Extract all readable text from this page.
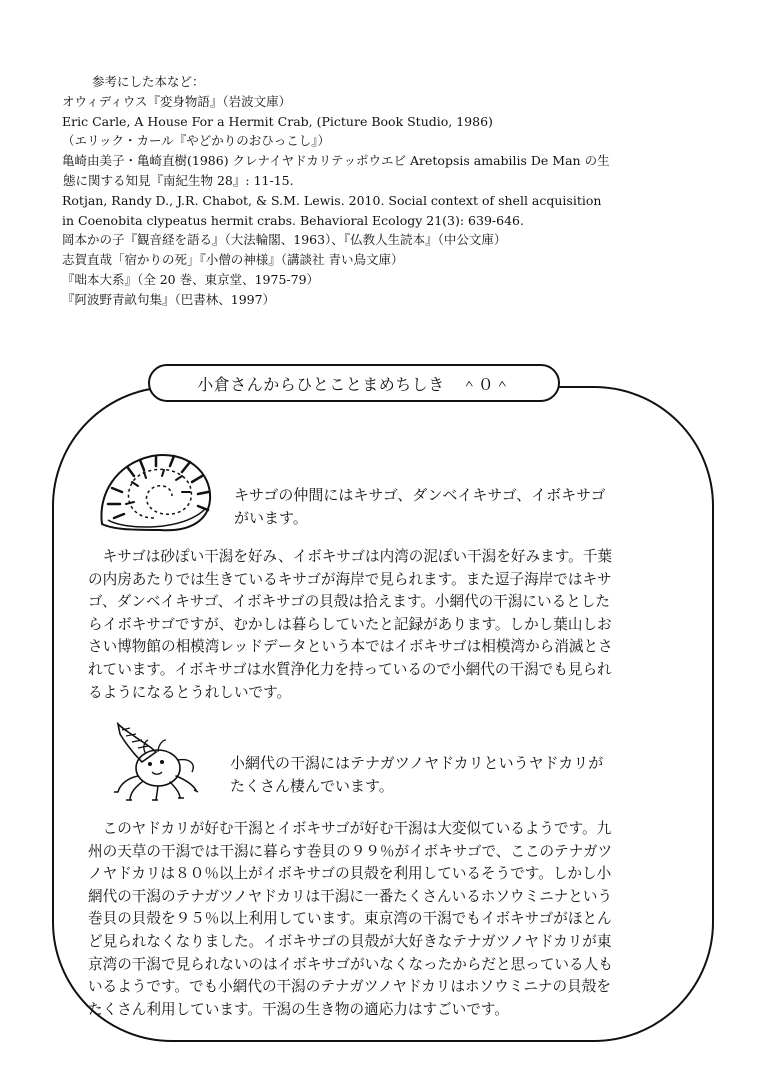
参考にした本など：
オウィディウス『変身物語』（岩波文庫）
Eric Carle, A House For a Hermit Crab, (Picture Book Studio, 1986)
（エリック・カール『やどかりのおひっこし』）
亀崎由美子・亀崎直樹(1986) クレナイヤドカリテッポウエビ Aretopsis amabilis De Man の生
態に関する知見『南紀生物 28』: 11-15.
Rotjan, Randy D., J.R. Chabot, & S.M. Lewis. 2010. Social context of shell acquisition
in Coenobita clypeatus hermit crabs. Behavioral Ecology 21(3): 639-646.
岡本かの子『観音経を語る』（大法輪閣、1963）、『仏教人生読本』（中公文庫）
志賀直哉「宿かりの死」『小僧の神様』（講談社 青い鳥文庫）
『咄本大系』（全 20 巻、東京堂、1975-79）
『阿波野青畝句集』（巴書林、1997）
小倉さんからひとことまめちしき　＾０＾
キサゴの仲間にはキサゴ、ダンベイキサゴ、イボキサゴ
がいます。

キサゴは砂ぽい干潟を好み、イボキサゴは内湾の泥ぽい干潟を好みます。千葉

の内房あたりでは生きているキサゴが海岸で見られます。また逗子海岸ではキサ

ゴ、ダンベイキサゴ、イボキサゴの貝殻は拾えます。小網代の干潟にいるとした

らイボキサゴですが、むかしは暮らしていたと記録があります。しかし葉山しお

さい博物館の相模湾レッドデータという本ではイボキサゴは相模湾から消滅とさ

れています。イボキサゴは水質浄化力を持っているので小網代の干潟でも見られ

るようになるとうれしいです。

小網代の干潟にはテナガツノヤドカリというヤドカリが
たくさん棲んでいます。

このヤドカリが好む干潟とイボキサゴが好む干潟は大変似ているようです。九

州の天草の干潟では干潟に暮らす巻貝の９９％がイボキサゴで、ここのテナガツ

ノヤドカリは８０％以上がイボキサゴの貝殻を利用しているそうです。しかし小

網代の干潟のテナガツノヤドカリは干潟に一番たくさんいるホソウミニナという

巻貝の貝殻を９５％以上利用しています。東京湾の干潟でもイボキサゴがほとん

ど見られなくなりました。イボキサゴの貝殻が大好きなテナガツノヤドカリが東

京湾の干潟で見られないのはイボキサゴがいなくなったからだと思っている人も

いるようです。でも小網代の干潟のテナガツノヤドカリはホソウミニナの貝殻を

たくさん利用しています。干潟の生き物の適応力はすごいです。
